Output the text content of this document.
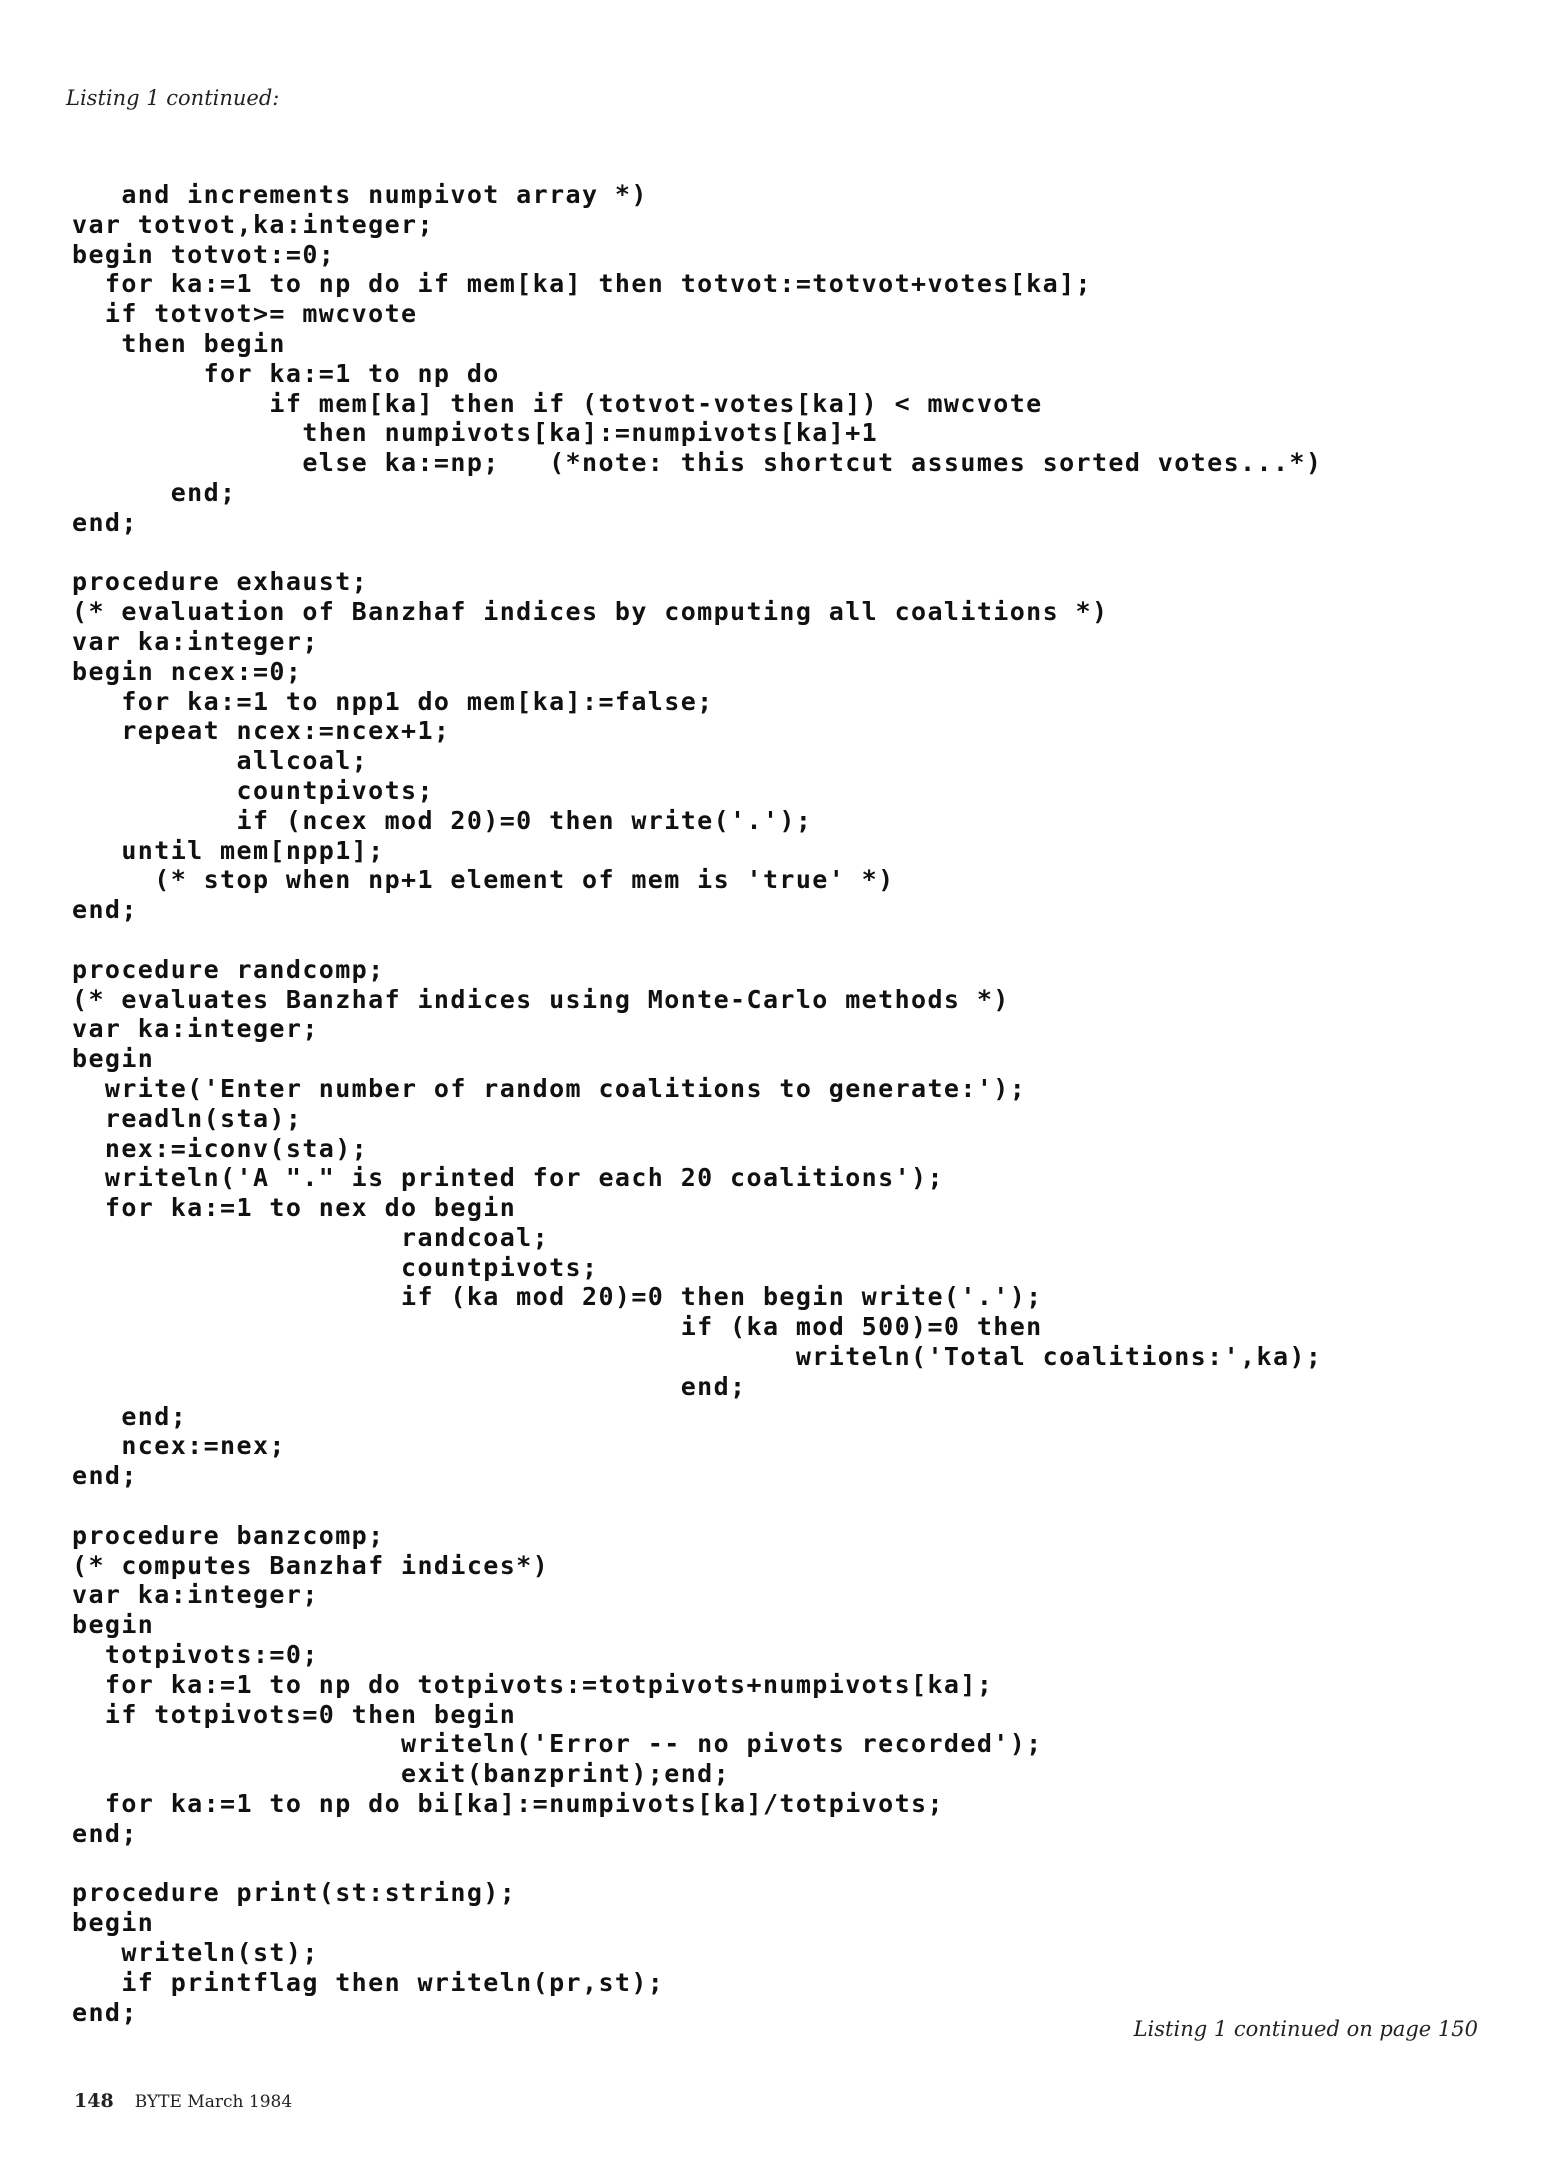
Listing 1 continued:
and increments numpivot array *)
var totvot,ka:integer;
begin totvot:=0;
for ka:=1 to np do if mem[ka] then totvot:=totvot+votes[ka];
if totvot>= mwcvote
then begin
for ka:=1 to np do
if mem[ka] then if (totvot-votes[ka]) < mwcvote
then numpivots[ka]:=numpivots[ka]+1
else ka:=np;   (*note: this shortcut assumes sorted votes...*)
end;
end;
procedure exhaust;
(* evaluation of Banzhaf indices by computing all coalitions *)
var ka:integer;
begin ncex:=0;
for ka:=1 to npp1 do mem[ka]:=false;
repeat ncex:=ncex+1;
allcoal;
countpivots;
if (ncex mod 20)=0 then write('.');
until mem[npp1];
(* stop when np+1 element of mem is 'true' *)
end;
procedure randcomp;
(* evaluates Banzhaf indices using Monte-Carlo methods *)
var ka:integer;
begin
write('Enter number of random coalitions to generate:');
readln(sta);
nex:=iconv(sta);
writeln('A "." is printed for each 20 coalitions');
for ka:=1 to nex do begin
randcoal;
countpivots;
if (ka mod 20)=0 then begin write('.');
if (ka mod 500)=0 then
writeln('Total coalitions:',ka);
end;
end;
ncex:=nex;
end;
procedure banzcomp;
(* computes Banzhaf indices*)
var ka:integer;
begin
totpivots:=0;
for ka:=1 to np do totpivots:=totpivots+numpivots[ka];
if totpivots=0 then begin
writeln('Error -- no pivots recorded');
exit(banzprint);end;
for ka:=1 to np do bi[ka]:=numpivots[ka]/totpivots;
end;
procedure print(st:string);
begin
writeln(st);
if printflag then writeln(pr,st);
end;
Listing 1 continued on page 150
148 BYTE March 1984
